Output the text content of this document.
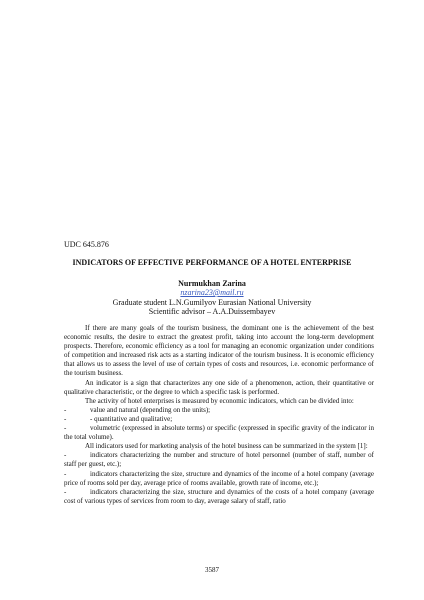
UDC 645.876
INDICATORS OF EFFECTIVE PERFORMANCE OF A HOTEL ENTERPRISE
Nurmukhan Zarina
nzarina23@mail.ru
Graduate student L.N.Gumilyov Eurasian National University
Scientific advisor – A.A.Duissembayev

If there are many goals of the tourism business, the dominant one is the achievement of the best economic results, the desire to extract the greatest profit, taking into account the long-term development prospects. Therefore, economic efficiency as a tool for managing an economic organization under conditions of competition and increased risk acts as a starting indicator of the tourism business. It is economic efficiency that allows us to assess the level of use of certain types of costs and resources, i.e. economic performance of the tourism business.

An indicator is a sign that characterizes any one side of a phenomenon, action, their quantitative or qualitative characteristic, or the degree to which a specific task is performed.

The activity of hotel enterprises is measured by economic indicators, which can be divided into:

-	value and natural (depending on the units);
-	- quantitative and qualitative;

-	volumetric (expressed in absolute terms) or specific (expressed in specific gravity of the indicator in the total volume).

All indicators used for marketing analysis of the hotel business can be summarized in the system [1]:

-	indicators characterizing the number and structure of hotel personnel (number of staff, number of staff per guest, etc.);

-	indicators characterizing the size, structure and dynamics of the income of a hotel company (average price of rooms sold per day, average price of rooms available, growth rate of income, etc.);

-	indicators characterizing the size, structure and dynamics of the costs of a hotel company (average cost of various types of services from room to day, average salary of staff, ratio

3587
